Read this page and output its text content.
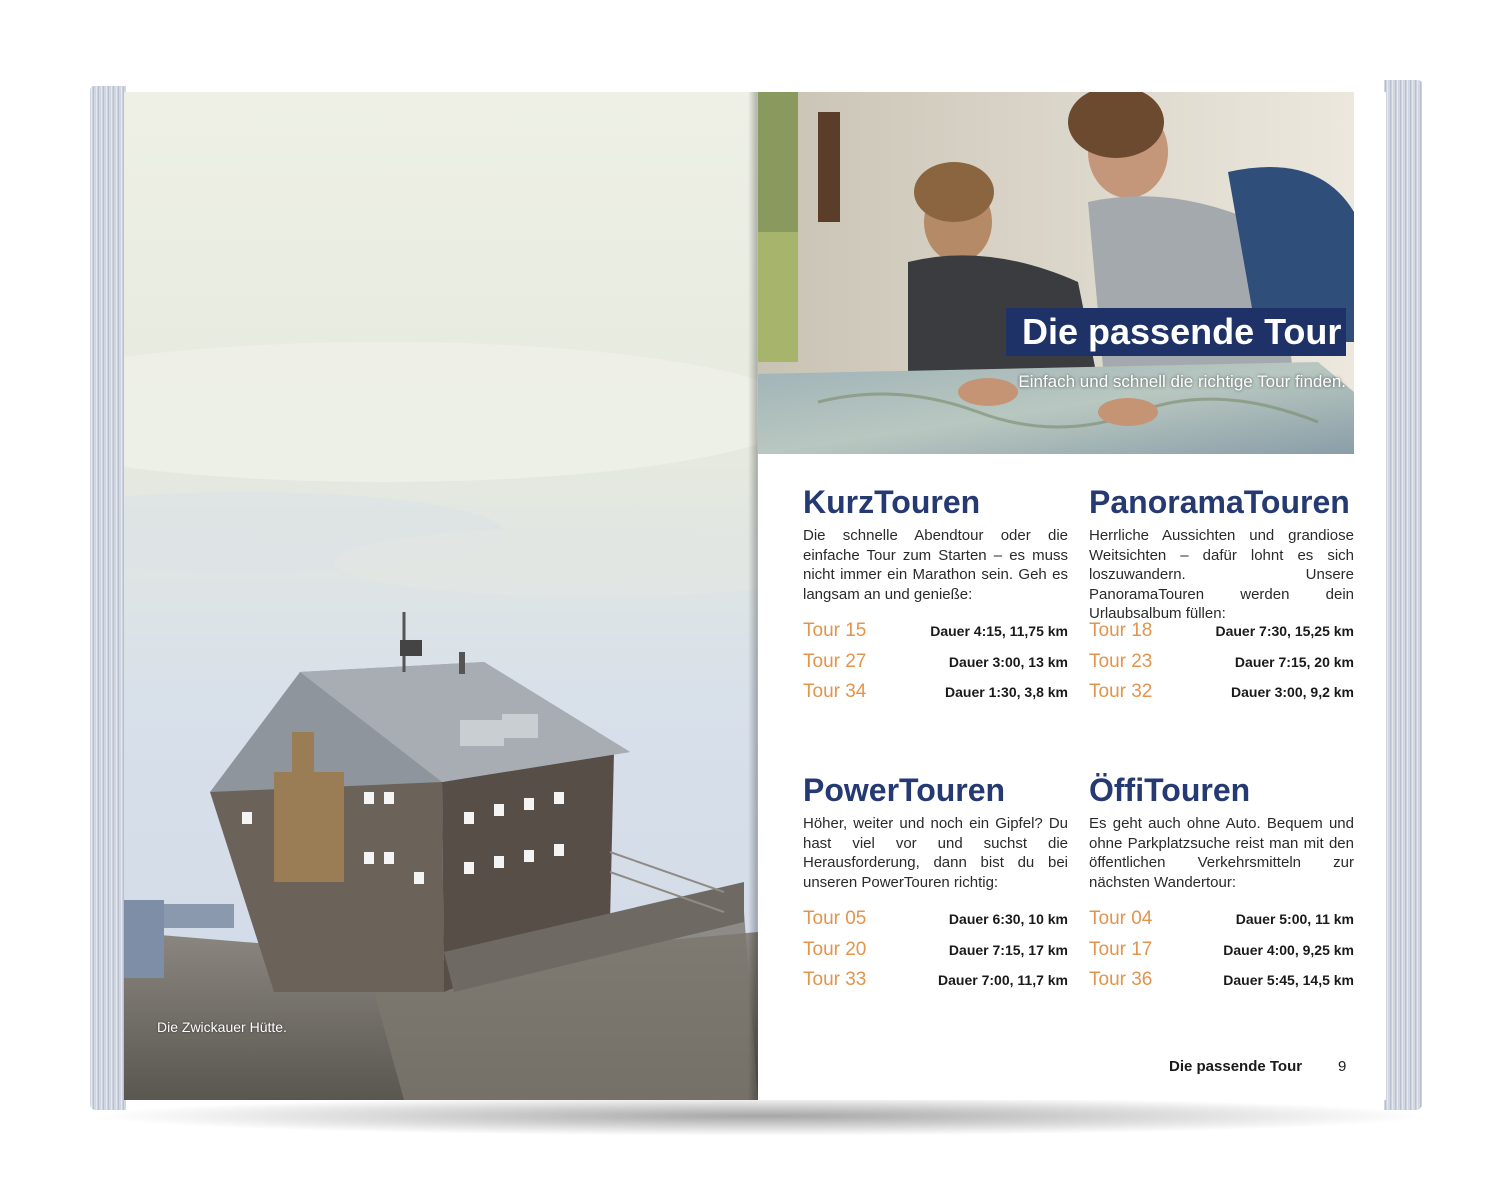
Die Zwickauer Hütte.
Die passende Tour
Einfach und schnell die richtige Tour finden.
KurzTouren

Die schnelle Abendtour oder die einfache Tour zum Starten – es muss nicht immer ein Marathon sein. Geh es langsam an und genieße:

Tour 15	Dauer 4:15, 11,75 km
Tour 27	Dauer 3:00, 13 km
Tour 34	Dauer 1:30, 3,8 km
PanoramaTouren

Herrliche Aussichten und grandiose Weitsichten – dafür lohnt es sich loszuwandern. Unsere PanoramaTouren werden dein Urlaubsalbum füllen:

Tour 18	Dauer 7:30, 15,25 km
Tour 23	Dauer 7:15, 20 km
Tour 32	Dauer 3:00, 9,2 km
PowerTouren

Höher, weiter und noch ein Gipfel? Du hast viel vor und suchst die Herausforderung, dann bist du bei unseren PowerTouren richtig:

Tour 05	Dauer 6:30, 10 km
Tour 20	Dauer 7:15, 17 km
Tour 33	Dauer 7:00, 11,7 km
ÖffiTouren

Es geht auch ohne Auto. Bequem und ohne Parkplatzsuche reist man mit den öffentlichen Verkehrsmitteln zur nächsten Wandertour:

Tour 04	Dauer 5:00, 11 km
Tour 17	Dauer 4:00, 9,25 km
Tour 36	Dauer 5:45, 14,5 km
Die passende Tour 9
